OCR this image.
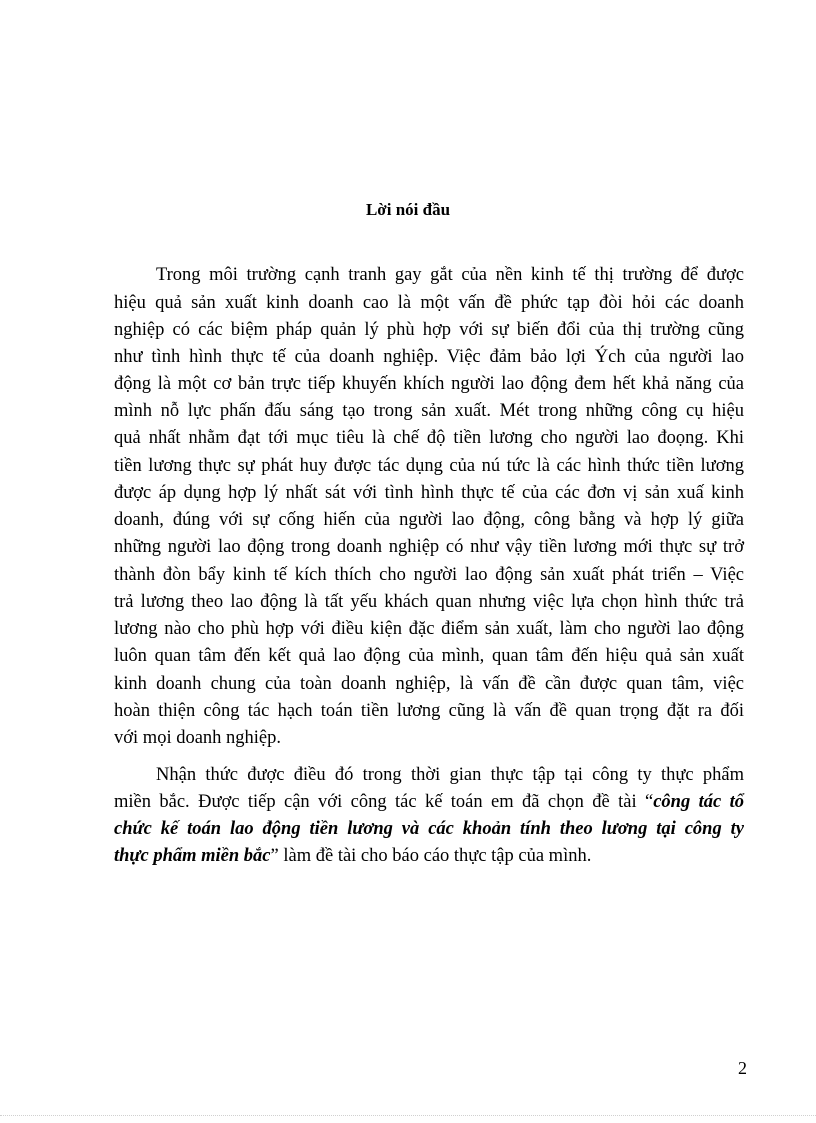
Lời nói đầu
Trong môi trường cạnh tranh gay gắt của nền kinh tế thị trường để được
hiệu quả sản xuất kinh doanh cao là một vấn đề phức tạp đòi hỏi các doanh
nghiệp có các biệm pháp quản lý phù hợp với sự biến đổi của thị trường cũng
như tình hình thực tế của doanh nghiệp. Việc đảm bảo lợi Ých của người lao
động là một cơ bản trực tiếp khuyến khích người lao động đem hết khả năng của
mình nỗ lực phấn đấu sáng tạo trong sản xuất. Mét trong những công cụ hiệu
quả nhất nhằm đạt tới mục tiêu là chế độ tiền lương cho người lao đoọng. Khi
tiền lương thực sự phát huy được tác dụng của nú tức là các hình thức tiền lương
được áp dụng hợp lý nhất sát với tình hình thực tế của các đơn vị sản xuấ kinh
doanh, đúng với sự cống hiến của người lao động, công bằng và hợp lý giữa
những người lao động trong doanh nghiệp có như vậy tiền lương mới thực sự trở
thành đòn bẩy kinh tế kích thích cho người lao động sản xuất phát triển – Việc
trả lương theo lao động là tất yếu khách quan nhưng việc lựa chọn hình thức trả
lương nào cho phù hợp với điều kiện đặc điểm sản xuất, làm cho người lao động
luôn quan tâm đến kết quả lao động của mình, quan tâm đến hiệu quả sản xuất
kinh doanh chung của toàn doanh nghiệp, là vấn đề cần được quan tâm, việc
hoàn thiện công tác hạch toán tiền lương cũng là vấn đề quan trọng đặt ra đối
với mọi doanh nghiệp.
Nhận thức được điều đó trong thời gian thực tập tại công ty thực phẩm
miền bắc. Được tiếp cận với công tác kế toán em đã chọn đề tài “công tác tổ
chức kế toán lao động tiền lương và các khoản tính theo lương tại công ty
thực phẩm miền bắc” làm đề tài cho báo cáo thực tập của mình.
2
